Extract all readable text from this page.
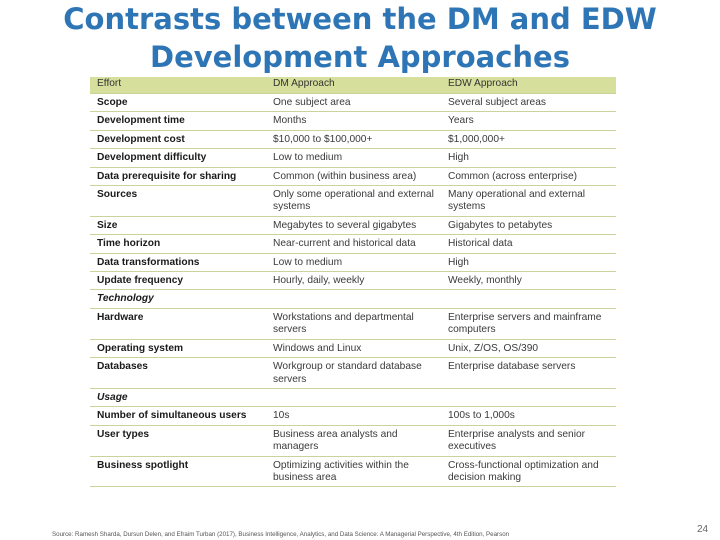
Contrasts between the DM and EDW
Development Approaches
Effort	DM Approach	EDW Approach
Scope	One subject area	Several subject areas
Development time	Months	Years
Development cost	$10,000 to $100,000+	$1,000,000+
Development difficulty	Low to medium	High
Data prerequisite for sharing	Common (within business area)	Common (across enterprise)
Sources	Only some operational and external systems	Many operational and external systems
Size	Megabytes to several gigabytes	Gigabytes to petabytes
Time horizon	Near-current and historical data	Historical data
Data transformations	Low to medium	High
Update frequency	Hourly, daily, weekly	Weekly, monthly
Technology		
Hardware	Workstations and departmental servers	Enterprise servers and mainframe computers
Operating system	Windows and Linux	Unix, Z/OS, OS/390
Databases	Workgroup or standard database servers	Enterprise database servers
Usage		
Number of simultaneous users	10s	100s to 1,000s
User types	Business area analysts and managers	Enterprise analysts and senior executives
Business spotlight	Optimizing activities within the business area	Cross-functional optimization and decision making
Source: Ramesh Sharda, Dursun Delen, and Efraim Turban (2017), Business Intelligence, Analytics, and Data Science: A Managerial Perspective, 4th Edition, Pearson	24
